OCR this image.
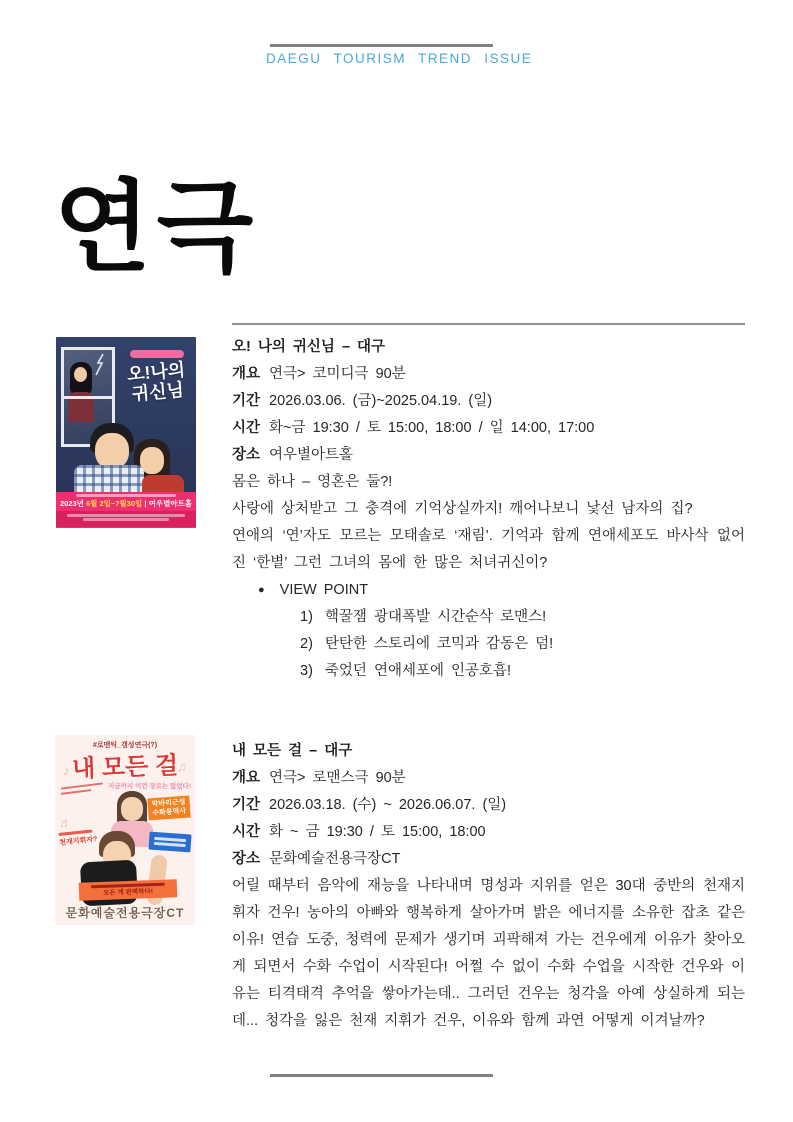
DAEGU TOURISM TREND ISSUE
연극
오!나의
귀신님
2023년 6월 2일~7월30일 | 여우별아트홀
오! 나의 귀신님 – 대구
개요 연극> 코미디극 90분
기간 2026.03.06. (금)~2025.04.19. (일)
시간 화~금 19:30 / 토 15:00, 18:00 / 일 14:00, 17:00
장소 여우별아트홀
몸은 하나 – 영혼은 둘?!
사랑에 상처받고 그 충격에 기억상실까지! 깨어나보니 낯선 남자의 집?
연애의 ‘연’자도 모르는 모태솔로 ‘재림’. 기억과 함께 연애세포도 바사삭 없어진 ‘한별’ 그런 그녀의 몸에 한 많은 처녀귀신이?
● VIEW POINT
1) 핵꿀잼 광대폭발 시간순삭 로맨스!
2) 탄탄한 스토리에 코믹과 감동은 덤!
3) 죽었던 연애세포에 인공호흡!
♪	♫
♬
#로맨틱_갬성연극(?)
내 모든 걸
지금까지 이런 장르는 없었다!
악바리근성
수화통역사
천재지휘자?
모든 게 완벽하다!
문화예술전용극장CT
내 모든 걸 – 대구
개요 연극> 로맨스극 90분
기간 2026.03.18. (수) ~ 2026.06.07. (일)
시간 화 ~ 금 19:30 / 토 15:00, 18:00
장소 문화예술전용극장CT
어릴 때부터 음악에 재능을 나타내며 명성과 지위를 얻은 30대 중반의 천재지휘자 건우! 농아의 아빠와 행복하게 살아가며 밝은 에너지를 소유한 잡초 같은 이유! 연습 도중, 청력에 문제가 생기며 괴팍해져 가는 건우에게 이유가 찾아오게 되면서 수화 수업이 시작된다! 어쩔 수 없이 수화 수업을 시작한 건우와 이유는 티격태격 추억을 쌓아가는데.. 그러던 건우는 청각을 아예 상실하게 되는데... 청각을 잃은 천재 지휘가 건우, 이유와 함께 과연 어떻게 이겨날까?
